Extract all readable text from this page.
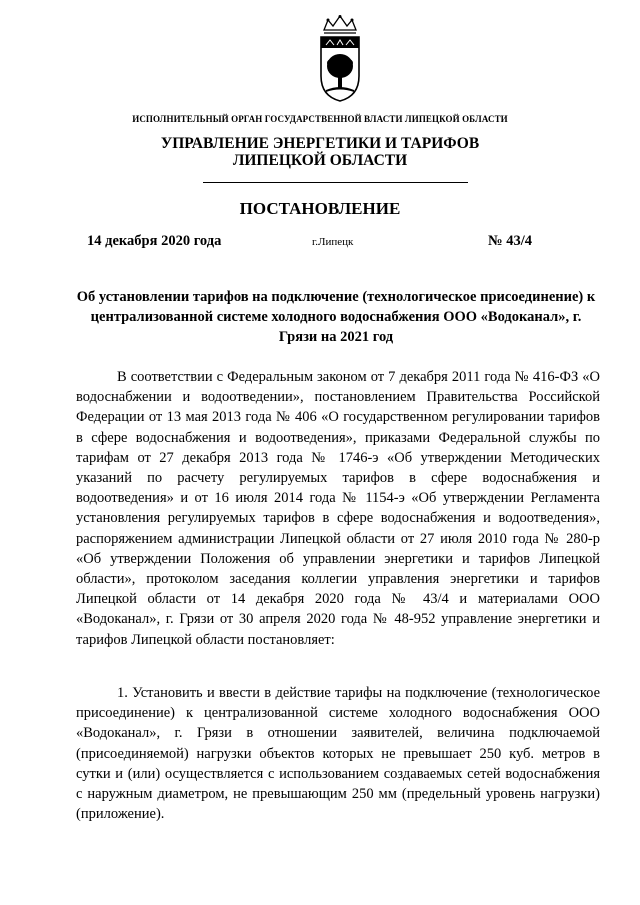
ИСПОЛНИТЕЛЬНЫЙ ОРГАН ГОСУДАРСТВЕННОЙ ВЛАСТИ ЛИПЕЦКОЙ ОБЛАСТИ
УПРАВЛЕНИЕ ЭНЕРГЕТИКИ И ТАРИФОВ
ЛИПЕЦКОЙ ОБЛАСТИ
ПОСТАНОВЛЕНИЕ
14 декабря 2020 года	г.Липецк	№ 43/4
Об установлении тарифов на подключение (технологическое присоединение) к централизованной системе холодного водоснабжения ООО «Водоканал», г. Грязи на 2021 год

В соответствии с Федеральным законом от 7 декабря 2011 года № 416-ФЗ «О водоснабжении и водоотведении», постановлением Правительства Российской Федерации от 13 мая 2013 года № 406 «О государственном регулировании тарифов в сфере водоснабжения и водоотведения», приказами Федеральной службы по тарифам от 27 декабря 2013 года № 1746-э «Об утверждении Методических указаний по расчету регулируемых тарифов в сфере водоснабжения и водоотведения» и от 16 июля 2014 года № 1154-э «Об утверждении Регламента установления регулируемых тарифов в сфере водоснабжения и водоотведения», распоряжением администрации Липецкой области от 27 июля 2010 года № 280-р «Об утверждении Положения об управлении энергетики и тарифов Липецкой области», протоколом заседания коллегии управления энергетики и тарифов Липецкой области от 14 декабря 2020 года № 43/4 и материалами ООО «Водоканал», г. Грязи от 30 апреля 2020 года № 48-952 управление энергетики и тарифов Липецкой области постановляет:

1. Установить и ввести в действие тарифы на подключение (технологическое присоединение) к централизованной системе холодного водоснабжения ООО «Водоканал», г. Грязи в отношении заявителей, величина подключаемой (присоединяемой) нагрузки объектов которых не превышает 250 куб. метров в сутки и (или) осуществляется с использованием создаваемых сетей водоснабжения с наружным диаметром, не превышающим 250 мм (предельный уровень нагрузки) (приложение).
